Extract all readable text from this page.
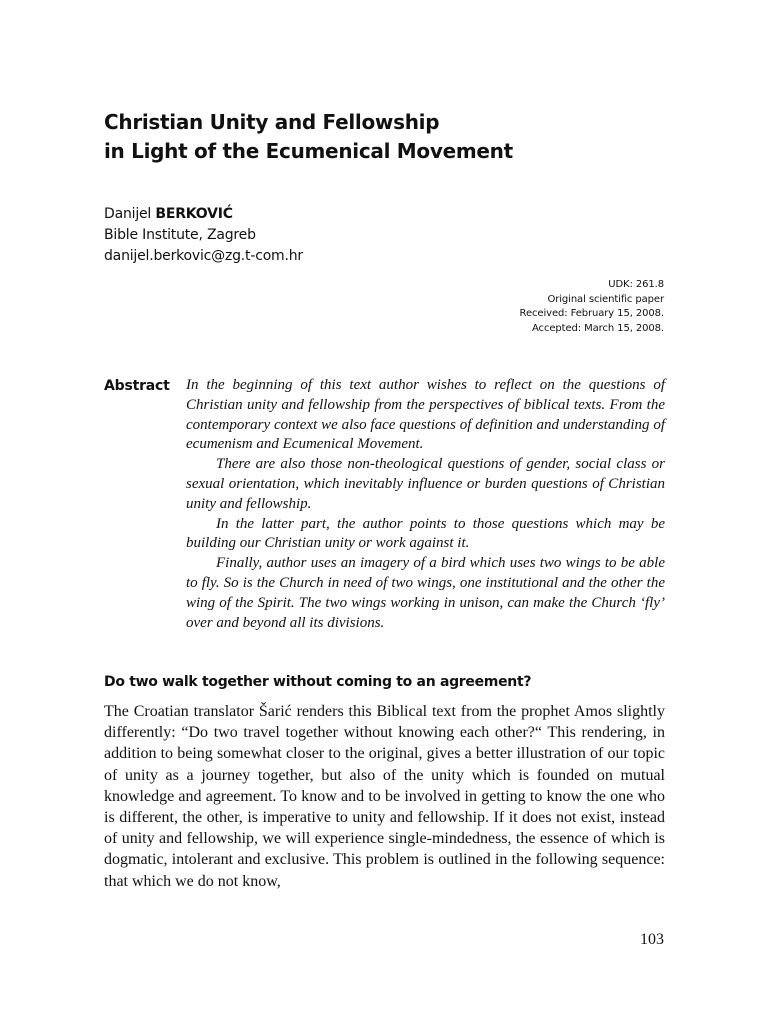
Christian Unity and Fellowship
in Light of the Ecumenical Movement
Danijel BERKOVIĆ
Bible Institute, Zagreb
danijel.berkovic@zg.t-com.hr
UDK: 261.8
Original scientific paper
Received: February 15, 2008.
Accepted: March 15, 2008.
Abstract In the beginning of this text author wishes to reflect on the questions of Christian unity and fellowship from the perspectives of biblical texts. From the contemporary context we also face questions of definition and understanding of ecumenism and Ecumenical Movement.

There are also those non-theological questions of gender, social class or sexual orientation, which inevitably influence or burden questions of Christian unity and fellowship.

In the latter part, the author points to those questions which may be building our Christian unity or work against it.

Finally, author uses an imagery of a bird which uses two wings to be able to fly. So is the Church in need of two wings, one institutional and the other the wing of the Spirit. The two wings working in unison, can make the Church ‘fly’ over and beyond all its divisions.

Do two walk together without coming to an agreement?

The Croatian translator Šarić renders this Biblical text from the prophet Amos slightly differently: “Do two travel together without knowing each other?“ This rendering, in addition to being somewhat closer to the original, gives a better illustration of our topic of unity as a journey together, but also of the unity which is founded on mutual knowledge and agreement. To know and to be involved in getting to know the one who is different, the other, is imperative to unity and fellowship. If it does not exist, instead of unity and fellowship, we will experience single-mindedness, the essence of which is dogmatic, intolerant and exclusive. This problem is outlined in the following sequence: that which we do not know,

103
